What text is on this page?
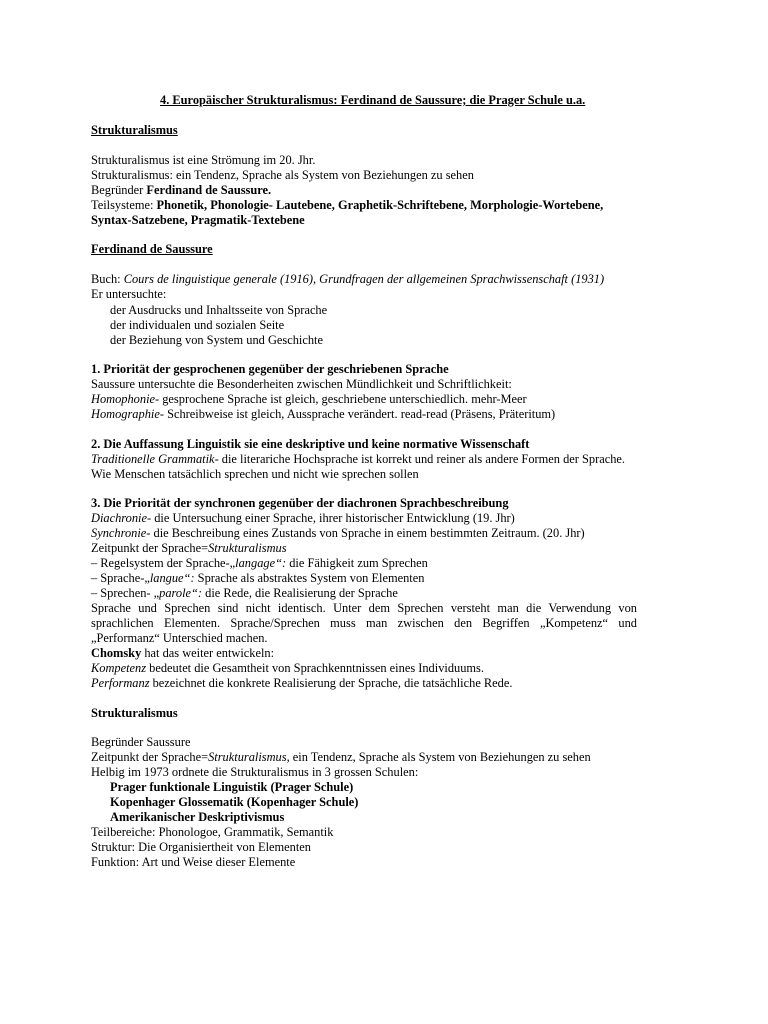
4. Europäischer Strukturalismus: Ferdinand de Saussure; die Prager Schule u.a.
Strukturalismus
Strukturalismus ist eine Strömung im 20. Jhr.
Strukturalismus: ein Tendenz, Sprache als System von Beziehungen zu sehen
Begründer Ferdinand de Saussure.
Teilsysteme: Phonetik, Phonologie- Lautebene, Graphetik-Schriftebene, Morphologie-Wortebene,
Syntax-Satzebene, Pragmatik-Textebene
Ferdinand de Saussure
Buch: Cours de linguistique generale (1916), Grundfragen der allgemeinen Sprachwissenschaft (1931)
Er untersuchte:
der Ausdrucks und Inhaltsseite von Sprache
der individualen und sozialen Seite
der Beziehung von System und Geschichte
1. Priorität der gesprochenen gegenüber der geschriebenen Sprache
Saussure untersuchte die Besonderheiten zwischen Mündlichkeit und Schriftlichkeit:
Homophonie- gesprochene Sprache ist gleich, geschriebene unterschiedlich. mehr-Meer
Homographie- Schreibweise ist gleich, Aussprache verändert. read-read (Präsens, Präteritum)
2. Die Auffassung Linguistik sie eine deskriptive und keine normative Wissenschaft
Traditionelle Grammatik- die literariche Hochsprache ist korrekt und reiner als andere Formen der Sprache.
Wie Menschen tatsächlich sprechen und nicht wie sprechen sollen
3. Die Priorität der synchronen gegenüber der diachronen Sprachbeschreibung
Diachronie- die Untersuchung einer Sprache, ihrer historischer Entwicklung (19. Jhr)
Synchronie- die Beschreibung eines Zustands von Sprache in einem bestimmten Zeitraum. (20. Jhr)
Zeitpunkt der Sprache=Strukturalismus
– Regelsystem der Sprache-„langage“: die Fähigkeit zum Sprechen
– Sprache-„langue“: Sprache als abstraktes System von Elementen
– Sprechen- „parole“: die Rede, die Realisierung der Sprache
Sprache und Sprechen sind nicht identisch. Unter dem Sprechen versteht man die Verwendung von
sprachlichen Elementen. Sprache/Sprechen muss man zwischen den Begriffen „Kompetenz“ und
„Performanz“ Unterschied machen.
Chomsky hat das weiter entwickeln:
Kompetenz bedeutet die Gesamtheit von Sprachkenntnissen eines Individuums.
Performanz bezeichnet die konkrete Realisierung der Sprache, die tatsächliche Rede.
Strukturalismus
Begründer Saussure
Zeitpunkt der Sprache=Strukturalismus, ein Tendenz, Sprache als System von Beziehungen zu sehen
Helbig im 1973 ordnete die Strukturalismus in 3 grossen Schulen:
Prager funktionale Linguistik (Prager Schule)
Kopenhager Glossematik (Kopenhager Schule)
Amerikanischer Deskriptivismus
Teilbereiche: Phonologoe, Grammatik, Semantik
Struktur: Die Organisiertheit von Elementen
Funktion: Art und Weise dieser Elemente
